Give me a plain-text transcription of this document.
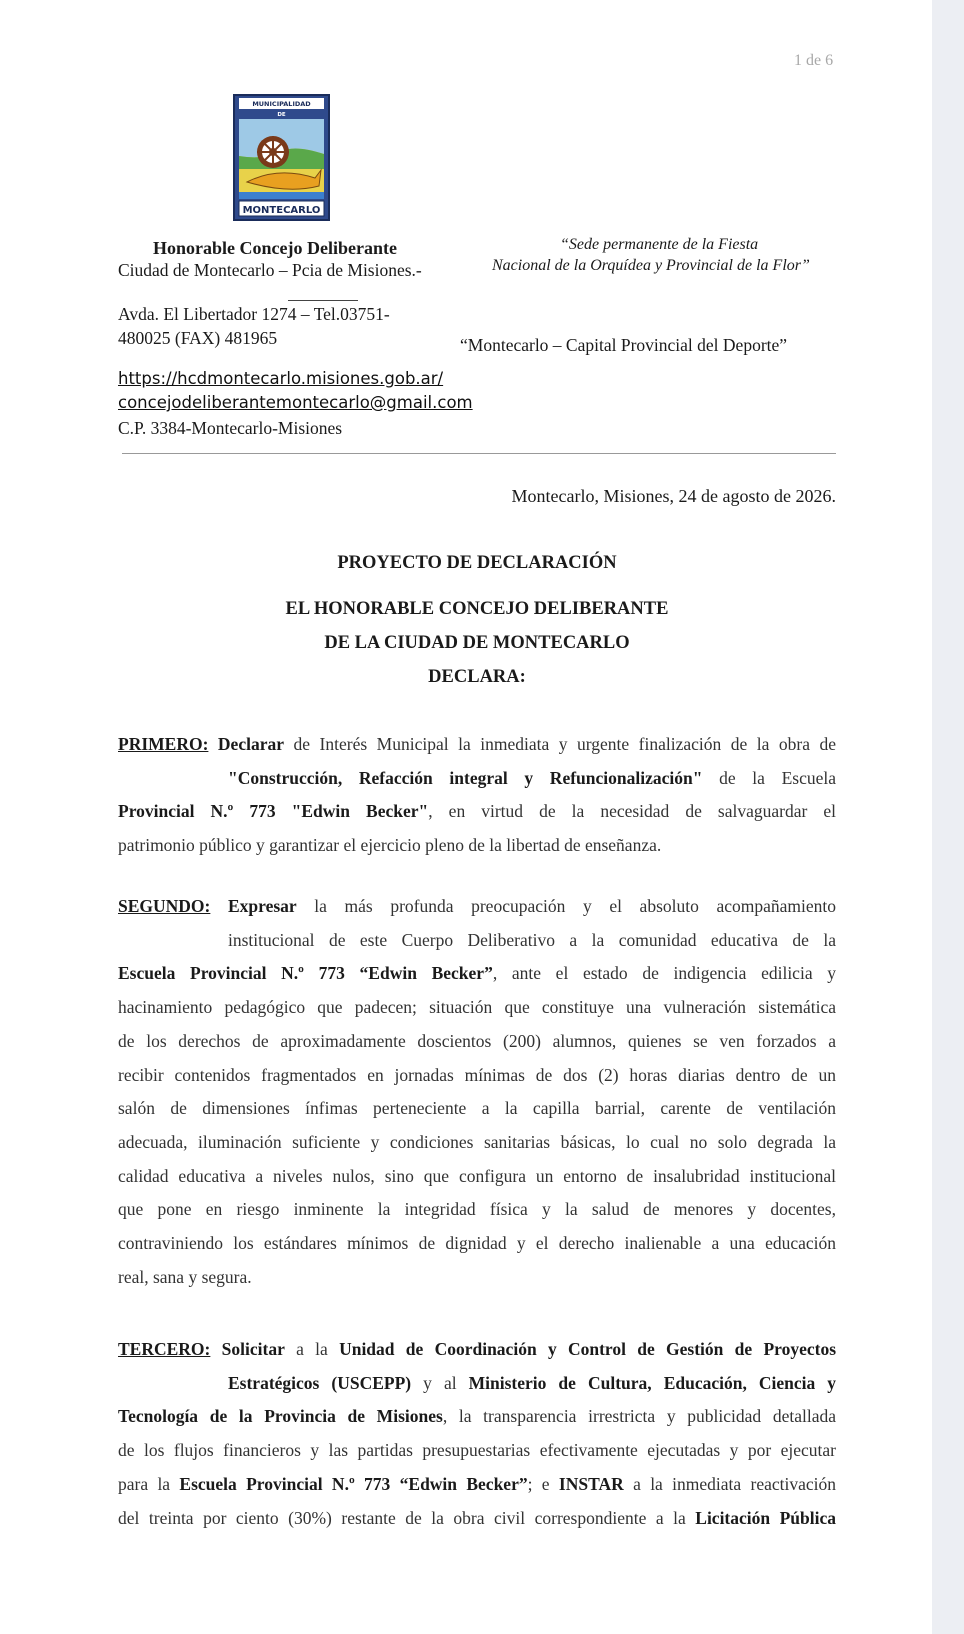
1 de 6
MUNICIPALIDAD
DE
MONTECARLO
Honorable Concejo Deliberante
Ciudad de Montecarlo – Pcia de Misiones.-
Avda. El Libertador 1274 – Tel.03751-
480025 (FAX) 481965
“Sede permanente de la Fiesta
Nacional de la Orquídea y Provincial de la Flor”
“Montecarlo – Capital Provincial del Deporte”
https://hcdmontecarlo.misiones.gob.ar/
concejodeliberantemontecarlo@gmail.com
C.P. 3384-Montecarlo-Misiones
Montecarlo, Misiones, 24 de agosto de 2026.
PROYECTO DE DECLARACIÓN
EL HONORABLE CONCEJO DELIBERANTE
DE LA CIUDAD DE MONTECARLO
DECLARA:
PRIMERO: Declarar de Interés Municipal la inmediata y urgente finalización de la obra de
"Construcción, Refacción integral y Refuncionalización" de la Escuela
Provincial N.º 773 "Edwin Becker", en virtud de la necesidad de salvaguardar el
patrimonio público y garantizar el ejercicio pleno de la libertad de enseñanza.
SEGUNDO: Expresar la más profunda preocupación y el absoluto acompañamiento
institucional de este Cuerpo Deliberativo a la comunidad educativa de la
Escuela Provincial N.º 773 “Edwin Becker”, ante el estado de indigencia edilicia y
hacinamiento pedagógico que padecen; situación que constituye una vulneración sistemática
de los derechos de aproximadamente doscientos (200) alumnos, quienes se ven forzados a
recibir contenidos fragmentados en jornadas mínimas de dos (2) horas diarias dentro de un
salón de dimensiones ínfimas perteneciente a la capilla barrial, carente de ventilación
adecuada, iluminación suficiente y condiciones sanitarias básicas, lo cual no solo degrada la
calidad educativa a niveles nulos, sino que configura un entorno de insalubridad institucional
que pone en riesgo inminente la integridad física y la salud de menores y docentes,
contraviniendo los estándares mínimos de dignidad y el derecho inalienable a una educación
real, sana y segura.
TERCERO: Solicitar a la Unidad de Coordinación y Control de Gestión de Proyectos
Estratégicos (USCEPP) y al Ministerio de Cultura, Educación, Ciencia y
Tecnología de la Provincia de Misiones, la transparencia irrestricta y publicidad detallada
de los flujos financieros y las partidas presupuestarias efectivamente ejecutadas y por ejecutar
para la Escuela Provincial N.º 773 “Edwin Becker”; e INSTAR a la inmediata reactivación
del treinta por ciento (30%) restante de la obra civil correspondiente a la Licitación Pública
